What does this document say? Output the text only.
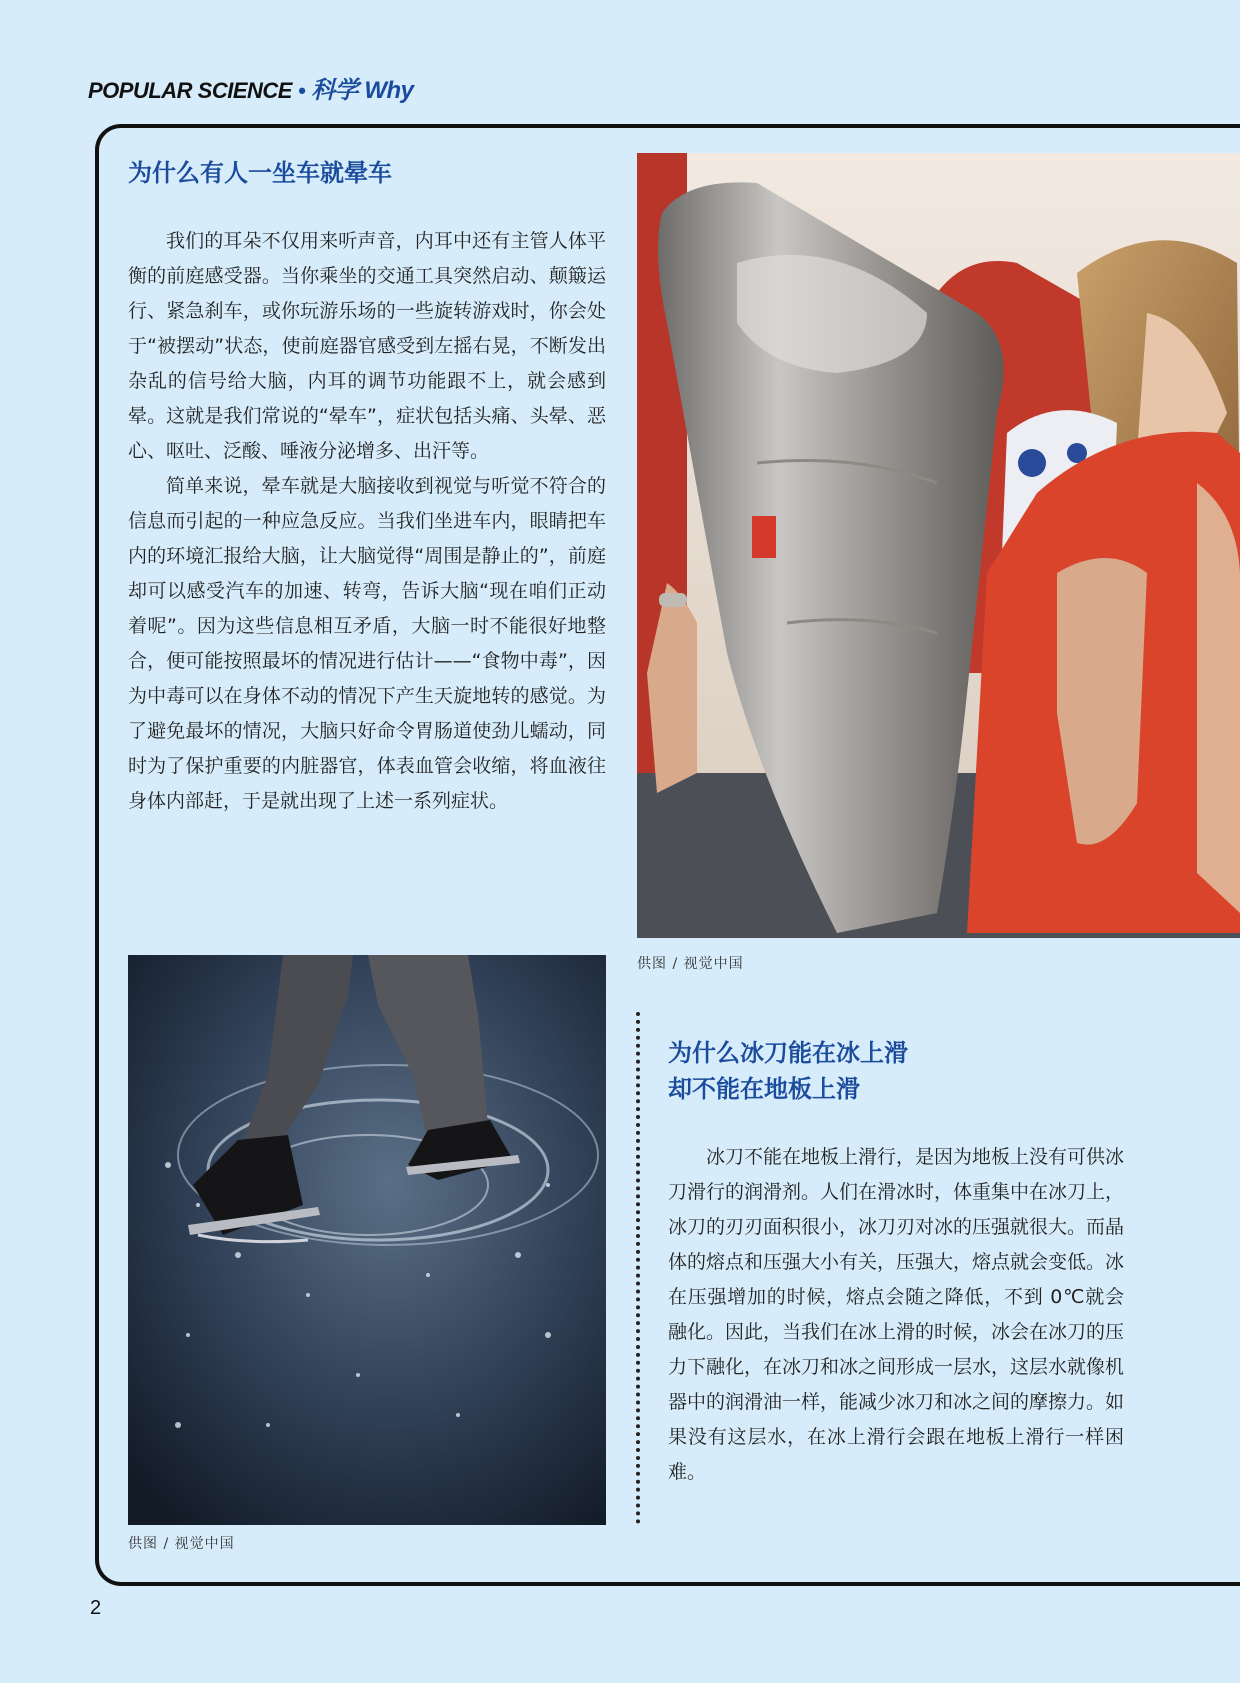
POPULAR SCIENCE • 科学 Why
为什么有人一坐车就晕车

我们的耳朵不仅用来听声音，内耳中还有主管人体平衡的前庭感受器。当你乘坐的交通工具突然启动、颠簸运行、紧急刹车，或你玩游乐场的一些旋转游戏时，你会处于“被摆动”状态，使前庭器官感受到左摇右晃，不断发出杂乱的信号给大脑，内耳的调节功能跟不上，就会感到晕。这就是我们常说的“晕车”，症状包括头痛、头晕、恶心、呕吐、泛酸、唾液分泌增多、出汗等。

简单来说，晕车就是大脑接收到视觉与听觉不符合的信息而引起的一种应急反应。当我们坐进车内，眼睛把车内的环境汇报给大脑，让大脑觉得“周围是静止的”，前庭却可以感受汽车的加速、转弯，告诉大脑“现在咱们正动着呢”。因为这些信息相互矛盾，大脑一时不能很好地整合，便可能按照最坏的情况进行估计——“食物中毒”，因为中毒可以在身体不动的情况下产生天旋地转的感觉。为了避免最坏的情况，大脑只好命令胃肠道使劲儿蠕动，同时为了保护重要的内脏器官，体表血管会收缩，将血液往身体内部赶，于是就出现了上述一系列症状。

供图 / 视觉中国
供图 / 视觉中国
为什么冰刀能在冰上滑
却不能在地板上滑

冰刀不能在地板上滑行，是因为地板上没有可供冰刀滑行的润滑剂。人们在滑冰时，体重集中在冰刀上，冰刀的刃刃面积很小，冰刀刃对冰的压强就很大。而晶体的熔点和压强大小有关，压强大，熔点就会变低。冰在压强增加的时候，熔点会随之降低，不到 0℃就会融化。因此，当我们在冰上滑的时候，冰会在冰刀的压力下融化，在冰刀和冰之间形成一层水，这层水就像机器中的润滑油一样，能减少冰刀和冰之间的摩擦力。如果没有这层水，在冰上滑行会跟在地板上滑行一样困难。

2
